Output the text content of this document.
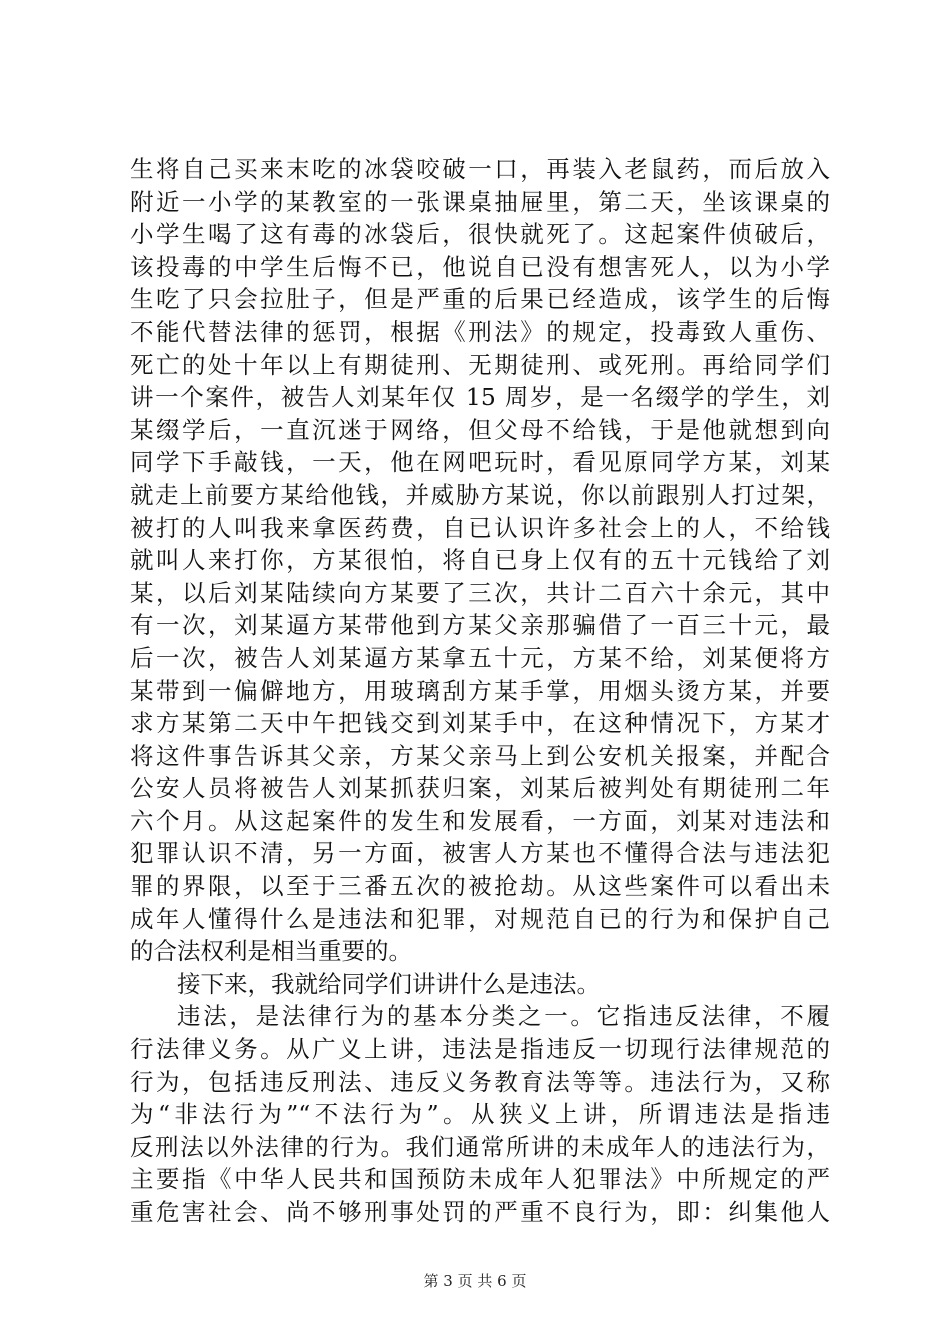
生将自己买来末吃的冰袋咬破一口，再装入老鼠药，而后放入
附近一小学的某教室的一张课桌抽屉里，第二天，坐该课桌的
小学生喝了这有毒的冰袋后，很快就死了。这起案件侦破后，
该投毒的中学生后悔不已，他说自已没有想害死人，以为小学
生吃了只会拉肚子，但是严重的后果已经造成，该学生的后悔
不能代替法律的惩罚，根据《刑法》的规定，投毒致人重伤、
死亡的处十年以上有期徒刑、无期徒刑、或死刑。再给同学们
讲一个案件，被告人刘某年仅 15 周岁，是一名缀学的学生，刘
某缀学后，一直沉迷于网络，但父母不给钱，于是他就想到向
同学下手敲钱，一天，他在网吧玩时，看见原同学方某，刘某
就走上前要方某给他钱，并威胁方某说，你以前跟别人打过架，
被打的人叫我来拿医药费，自已认识许多社会上的人，不给钱
就叫人来打你，方某很怕，将自已身上仅有的五十元钱给了刘
某，以后刘某陆续向方某要了三次，共计二百六十余元，其中
有一次，刘某逼方某带他到方某父亲那骗借了一百三十元，最
后一次，被告人刘某逼方某拿五十元，方某不给，刘某便将方
某带到一偏僻地方，用玻璃刮方某手掌，用烟头烫方某，并要
求方某第二天中午把钱交到刘某手中，在这种情况下，方某才
将这件事告诉其父亲，方某父亲马上到公安机关报案，并配合
公安人员将被告人刘某抓获归案，刘某后被判处有期徒刑二年
六个月。从这起案件的发生和发展看，一方面，刘某对违法和
犯罪认识不清，另一方面，被害人方某也不懂得合法与违法犯
罪的界限，以至于三番五次的被抢劫。从这些案件可以看出未
成年人懂得什么是违法和犯罪，对规范自已的行为和保护自己
的合法权利是相当重要的。
接下来，我就给同学们讲讲什么是违法。
违法，是法律行为的基本分类之一。它指违反法律，不履
行法律义务。从广义上讲，违法是指违反一切现行法律规范的
行为，包括违反刑法、违反义务教育法等等。违法行为，又称
为“非法行为”“不法行为”。从狭义上讲，所谓违法是指违
反刑法以外法律的行为。我们通常所讲的未成年人的违法行为，
主要指《中华人民共和国预防未成年人犯罪法》中所规定的严
重危害社会、尚不够刑事处罚的严重不良行为，即：纠集他人
第 3 页 共 6 页
